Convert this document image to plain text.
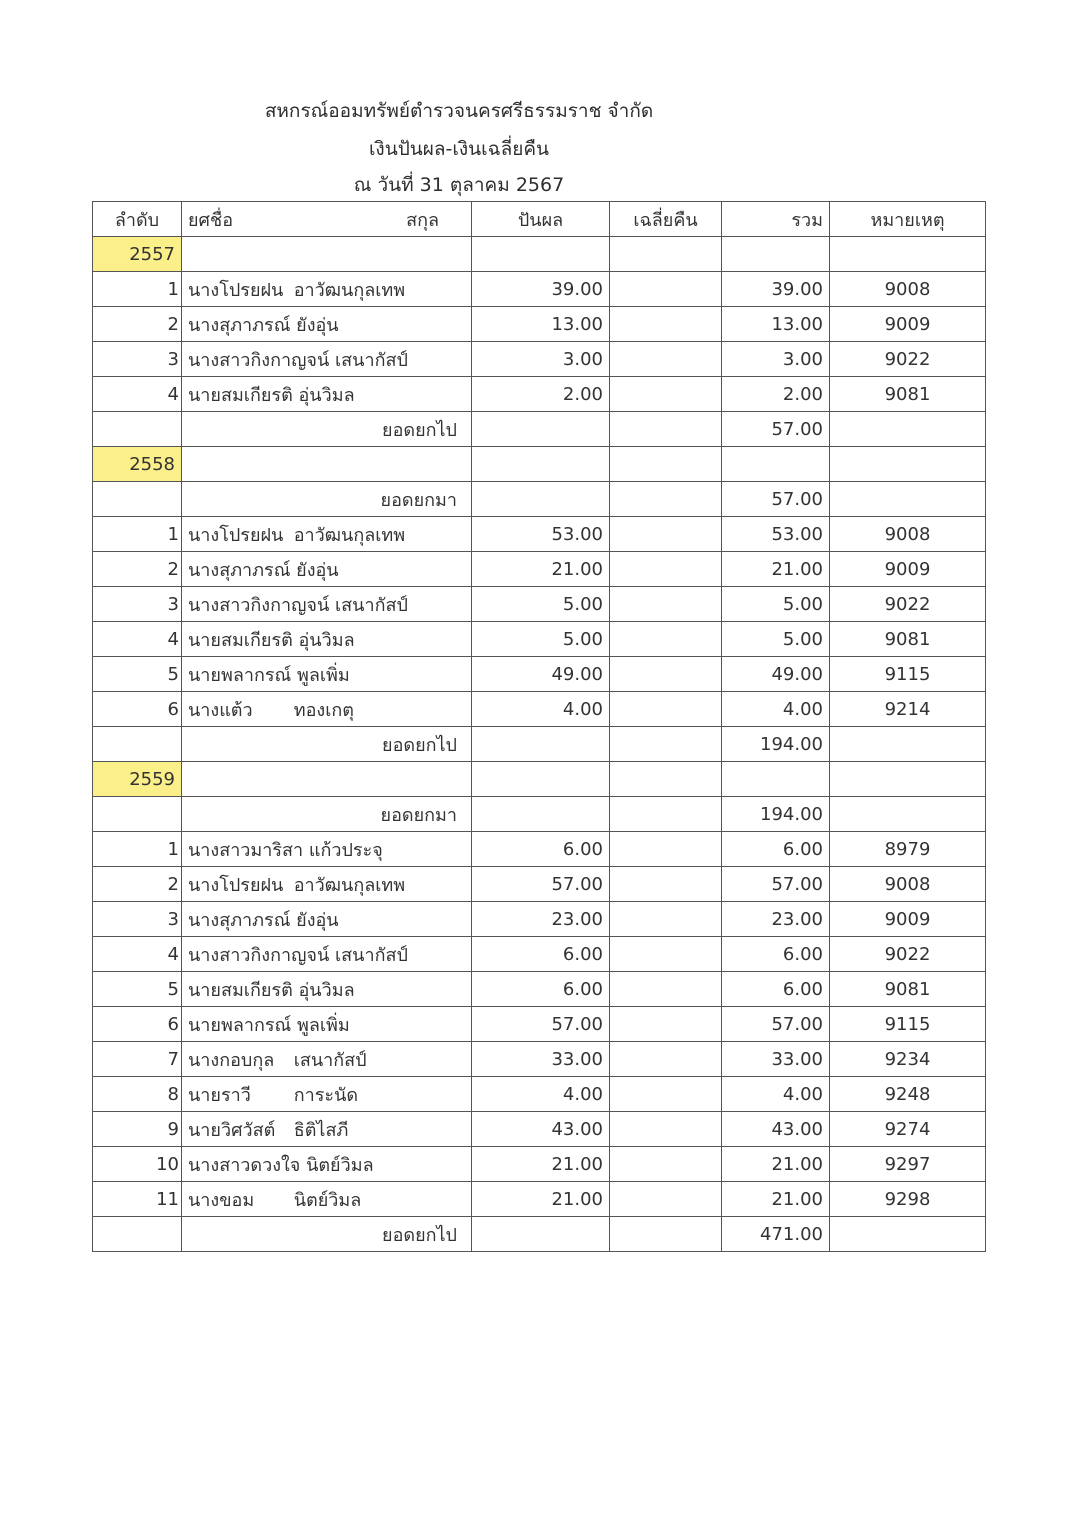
สหกรณ์ออมทรัพย์ตำรวจนครศรีธรรมราช จำกัด
เงินปันผล-เงินเฉลี่ยคืน
ณ วันที่ 31 ตุลาคม 2567
ลำดับ	ยศชื่อ สกุล	ปันผล	เฉลี่ยคืน	รวม	หมายเหตุ
2557					
1	นางโปรยฝน อาวัฒนกุลเทพ	39.00		39.00	9008
2	นางสุภาภรณ์ ยังอุ่น	13.00		13.00	9009
3	นางสาวกิงกาญจน์ เสนากัสป์	3.00		3.00	9022
4	นายสมเกียรติ อุ่นวิมล	2.00		2.00	9081
	ยอดยกไป			57.00	
2558					
	ยอดยกมา			57.00	
1	นางโปรยฝน อาวัฒนกุลเทพ	53.00		53.00	9008
2	นางสุภาภรณ์ ยังอุ่น	21.00		21.00	9009
3	นางสาวกิงกาญจน์ เสนากัสป์	5.00		5.00	9022
4	นายสมเกียรติ อุ่นวิมล	5.00		5.00	9081
5	นายพลากรณ์ พูลเพิ่ม	49.00		49.00	9115
6	นางแต้ว ทองเกตุ	4.00		4.00	9214
	ยอดยกไป			194.00	
2559					
	ยอดยกมา			194.00	
1	นางสาวมาริสา แก้วประจุ	6.00		6.00	8979
2	นางโปรยฝน อาวัฒนกุลเทพ	57.00		57.00	9008
3	นางสุภาภรณ์ ยังอุ่น	23.00		23.00	9009
4	นางสาวกิงกาญจน์ เสนากัสป์	6.00		6.00	9022
5	นายสมเกียรติ อุ่นวิมล	6.00		6.00	9081
6	นายพลากรณ์ พูลเพิ่ม	57.00		57.00	9115
7	นางกอบกุล เสนากัสป์	33.00		33.00	9234
8	นายราวี การะนัด	4.00		4.00	9248
9	นายวิศวัสต์ ธิติไสภี	43.00		43.00	9274
10	นางสาวดวงใจ นิตย์วิมล	21.00		21.00	9297
11	นางขอม นิตย์วิมล	21.00		21.00	9298
	ยอดยกไป			471.00	
